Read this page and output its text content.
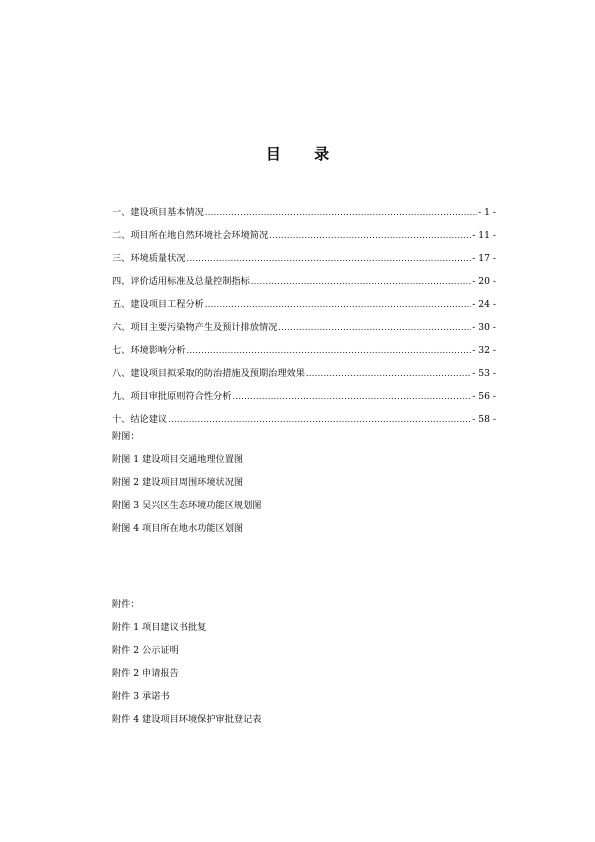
目 录
一、建设项目基本情况 .....	- 1 -
二、项目所在地自然环境社会环境简况 .....	- 11 -
三、环境质量状况 .....	- 17 -
四、评价适用标准及总量控制指标 .....	- 20 -
五、建设项目工程分析 .....	- 24 -
六、项目主要污染物产生及预计排放情况 .....	- 30 -
七、环境影响分析 .....	- 32 -
八、建设项目拟采取的防治措施及预期治理效果 .....	- 53 -
九、项目审批原则符合性分析 .....	- 56 -
十、结论建议 .....	- 58 -
附图：
附图 1 建设项目交通地理位置图
附图 2 建设项目周围环境状况图
附图 3 吴兴区生态环境功能区规划图
附图 4 项目所在地水功能区划图
附件：
附件 1 项目建议书批复
附件 2 公示证明
附件 2 申请报告
附件 3 承诺书
附件 4 建设项目环境保护审批登记表
